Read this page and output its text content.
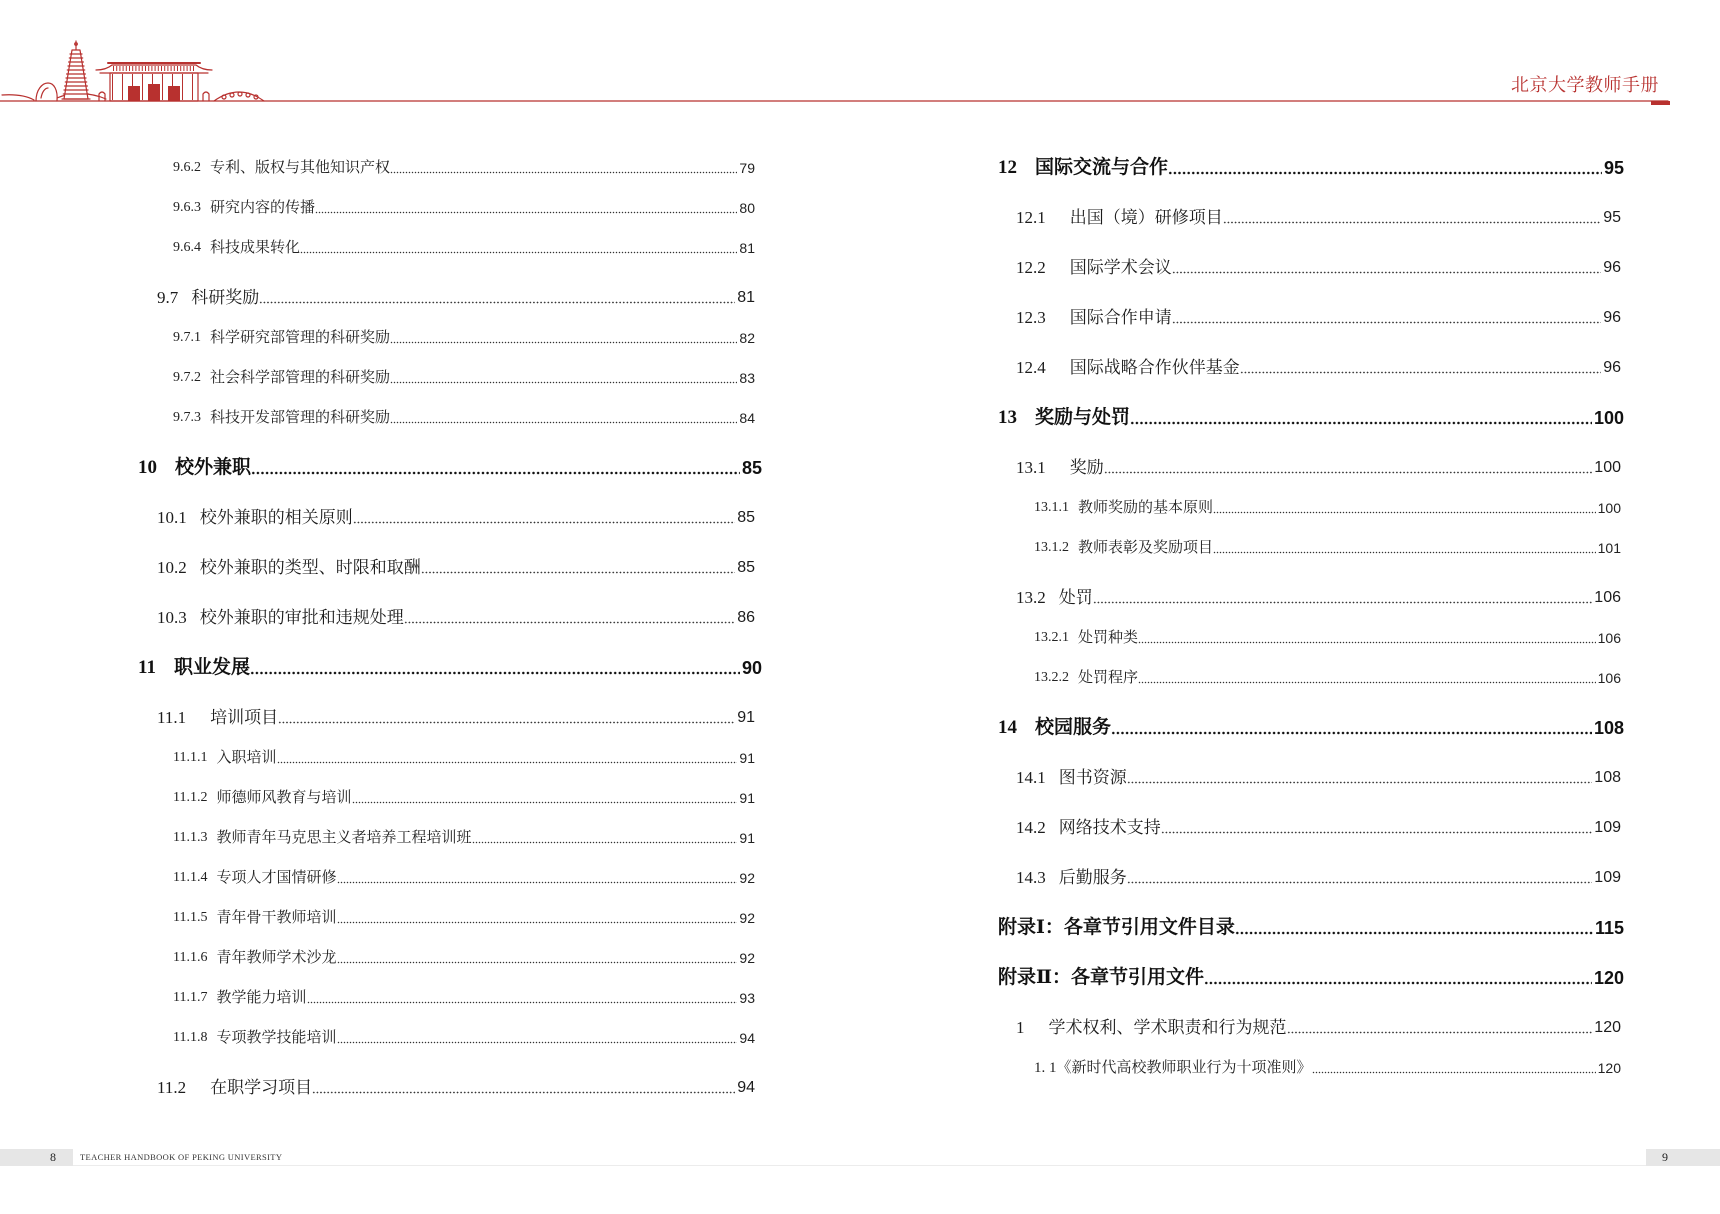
北京大学教师手册
9.6.2 专利、版权与其他知识产权	79
9.6.3 研究内容的传播	80
9.6.4 科技成果转化	81
9.7 科研奖励	81
9.7.1 科学研究部管理的科研奖励	82
9.7.2 社会科学部管理的科研奖励	83
9.7.3 科技开发部管理的科研奖励	84
10 校外兼职	85
10.1 校外兼职的相关原则	85
10.2 校外兼职的类型、时限和取酬	85
10.3 校外兼职的审批和违规处理	86
11 职业发展	90
11.1 培训项目	91
11.1.1 入职培训	91
11.1.2 师德师风教育与培训	91
11.1.3 教师青年马克思主义者培养工程培训班	91
11.1.4 专项人才国情研修	92
11.1.5 青年骨干教师培训	92
11.1.6 青年教师学术沙龙	92
11.1.7 教学能力培训	93
11.1.8 专项教学技能培训	94
11.2 在职学习项目	94
12 国际交流与合作	95
12.1 出国（境）研修项目	95
12.2 国际学术会议	96
12.3 国际合作申请	96
12.4 国际战略合作伙伴基金	96
13 奖励与处罚	100
13.1 奖励	100
13.1.1 教师奖励的基本原则	100
13.1.2 教师表彰及奖励项目	101
13.2 处罚	106
13.2.1 处罚种类	106
13.2.2 处罚程序	106
14 校园服务	108
14.1 图书资源	108
14.2 网络技术支持	109
14.3 后勤服务	109
附录Ⅰ：各章节引用文件目录	115
附录Ⅱ：各章节引用文件	120
1 学术权利、学术职责和行为规范	120
1. 1《新时代高校教师职业行为十项准则》	120
8	TEACHER HANDBOOK OF PEKING UNIVERSITY	9
